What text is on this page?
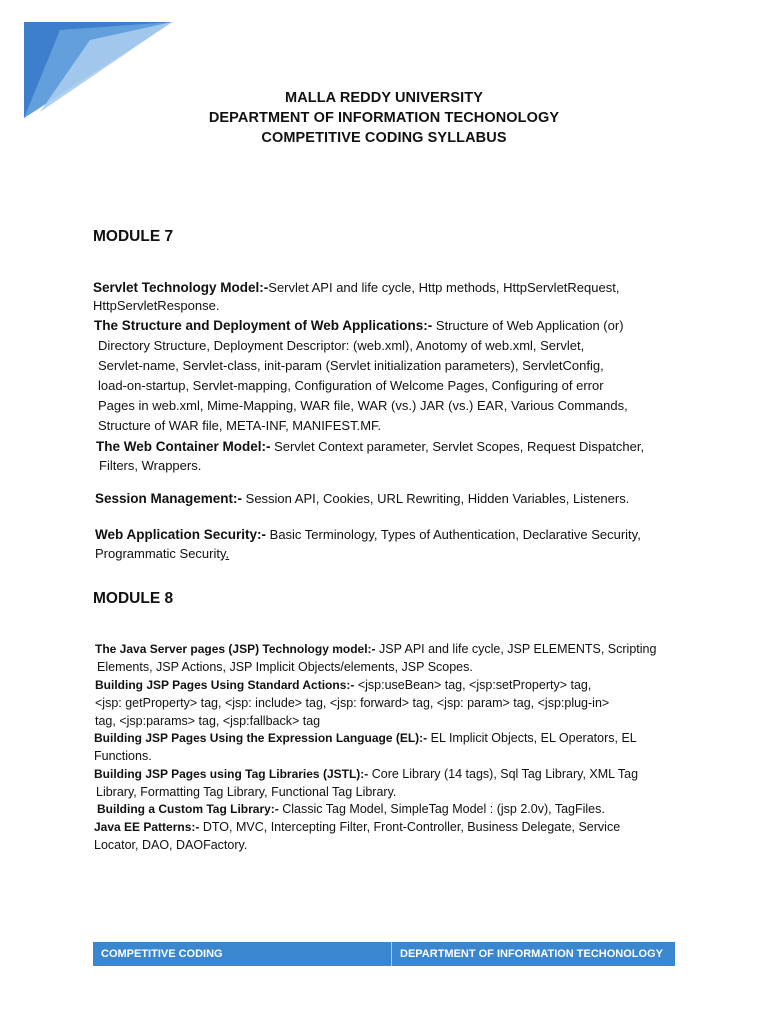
MALLA REDDY UNIVERSITY
DEPARTMENT OF INFORMATION TECHONOLOGY
COMPETITIVE CODING SYLLABUS
MODULE 7
Servlet Technology Model:-Servlet API and life cycle, Http methods, HttpServletRequest,
HttpServletResponse.
The Structure and Deployment of Web Applications:- Structure of Web Application (or)
Directory Structure, Deployment Descriptor: (web.xml), Anotomy of web.xml, Servlet,
Servlet-name, Servlet-class, init-param (Servlet initialization parameters), ServletConfig,
load-on-startup, Servlet-mapping, Configuration of Welcome Pages, Configuring of error
Pages in web.xml, Mime-Mapping, WAR file, WAR (vs.) JAR (vs.) EAR, Various Commands,
Structure of WAR file, META-INF, MANIFEST.MF.
The Web Container Model:- Servlet Context parameter, Servlet Scopes, Request Dispatcher,
Filters, Wrappers.
Session Management:- Session API, Cookies, URL Rewriting, Hidden Variables, Listeners.
Web Application Security:- Basic Terminology, Types of Authentication, Declarative Security,
Programmatic Security.
MODULE 8
The Java Server pages (JSP) Technology model:- JSP API and life cycle, JSP ELEMENTS, Scripting
Elements, JSP Actions, JSP Implicit Objects/elements, JSP Scopes.
Building JSP Pages Using Standard Actions:- <jsp:useBean> tag, <jsp:setProperty> tag,
<jsp: getProperty> tag, <jsp: include> tag, <jsp: forward> tag, <jsp: param> tag, <jsp:plug-in>
tag, <jsp:params> tag, <jsp:fallback> tag
Building JSP Pages Using the Expression Language (EL):- EL Implicit Objects, EL Operators, EL
Functions.
Building JSP Pages using Tag Libraries (JSTL):- Core Library (14 tags), Sql Tag Library, XML Tag
Library, Formatting Tag Library, Functional Tag Library.
Building a Custom Tag Library:- Classic Tag Model, SimpleTag Model : (jsp 2.0v), TagFiles.
Java EE Patterns:- DTO, MVC, Intercepting Filter, Front-Controller, Business Delegate, Service
Locator, DAO, DAOFactory.
COMPETITIVE CODING	DEPARTMENT OF INFORMATION TECHONOLOGY
